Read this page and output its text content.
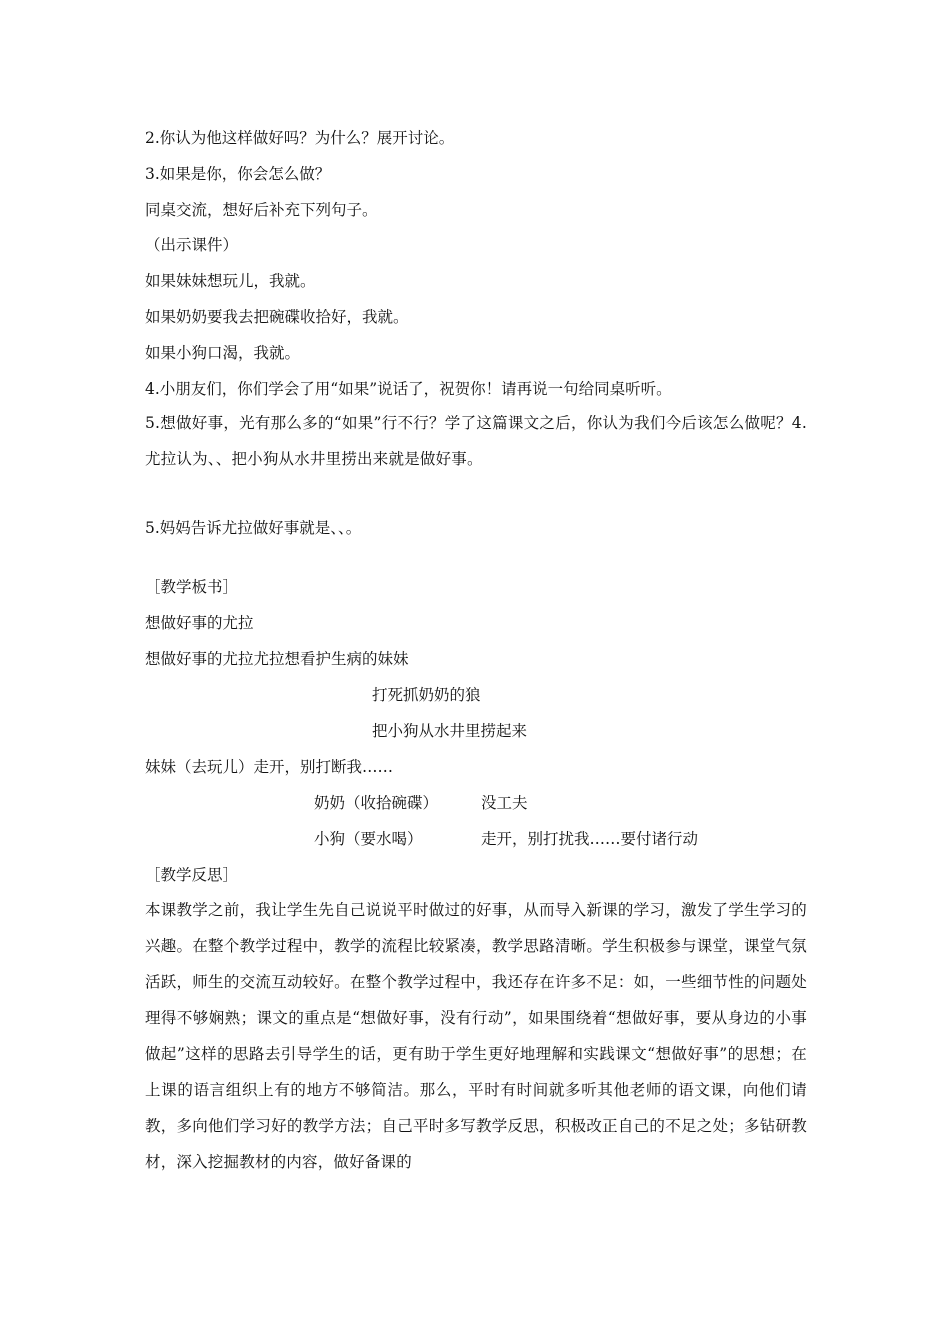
2.你认为他这样做好吗？为什么？展开讨论。
3.如果是你，你会怎么做？
同桌交流，想好后补充下列句子。
（出示课件）
如果妹妹想玩儿，我就。
如果奶奶要我去把碗碟收拾好，我就。
如果小狗口渴，我就。
4.小朋友们，你们学会了用“如果”说话了，祝贺你！请再说一句给同桌听听。
5.想做好事，光有那么多的“如果”行不行？学了这篇课文之后，你认为我们今后该怎么做呢？4.尤拉认为、、把小狗从水井里捞出来就是做好事。
5.妈妈告诉尤拉做好事就是、、。
［教学板书］
想做好事的尤拉
想做好事的尤拉尤拉想看护生病的妹妹
打死抓奶奶的狼
把小狗从水井里捞起来
妹妹（去玩儿）走开，别打断我……
奶奶（收拾碗碟）	没工夫
小狗（要水喝）	走开，别打扰我……要付诸行动
［教学反思］
本课教学之前，我让学生先自己说说平时做过的好事，从而导入新课的学习，激发了学生学习的兴趣。在整个教学过程中，教学的流程比较紧凑，教学思路清晰。学生积极参与课堂，课堂气氛活跃，师生的交流互动较好。在整个教学过程中，我还存在许多不足：如，一些细节性的问题处理得不够娴熟；课文的重点是“想做好事，没有行动”，如果围绕着“想做好事，要从身边的小事做起”这样的思路去引导学生的话，更有助于学生更好地理解和实践课文“想做好事”的思想；在上课的语言组织上有的地方不够简洁。那么，平时有时间就多听其他老师的语文课，向他们请教，多向他们学习好的教学方法；自己平时多写教学反思，积极改正自己的不足之处；多钻研教材，深入挖掘教材的内容，做好备课的
